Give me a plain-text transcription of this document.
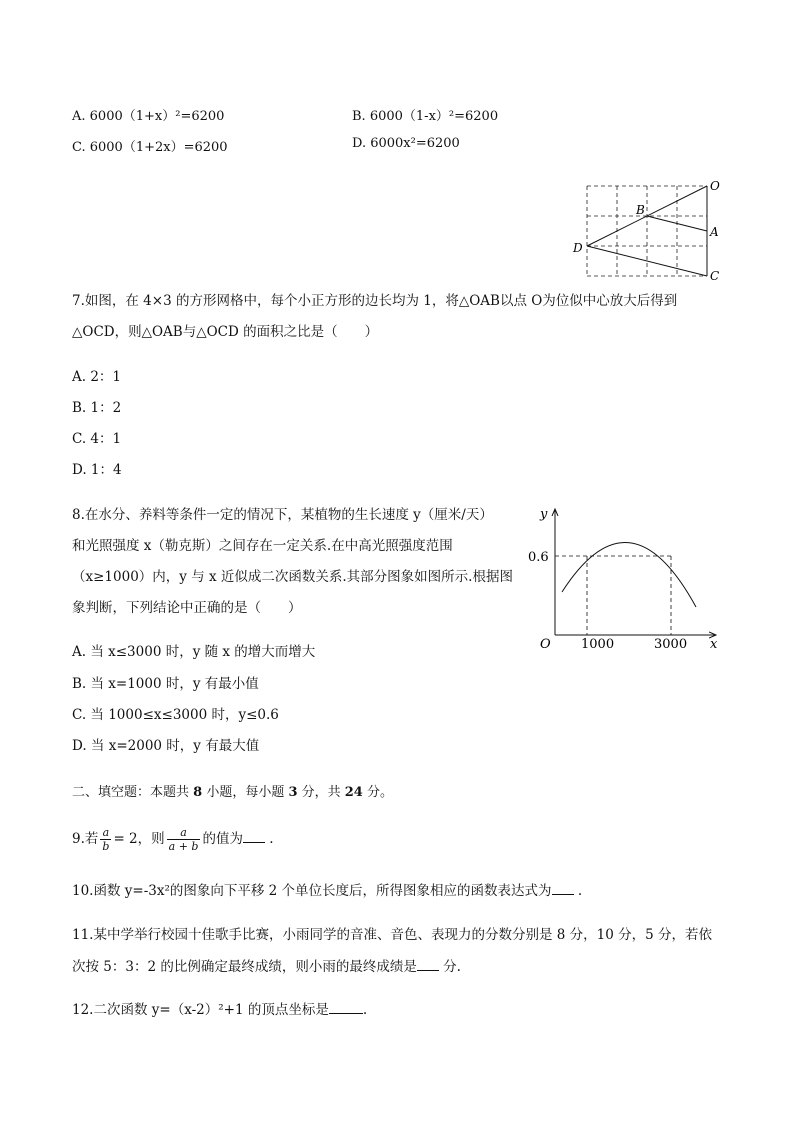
A. 6000（1+x）²=6200	B. 6000（1-x）²=6200
C. 6000（1+2x）=6200	D. 6000x²=6200
O
B
A
D
C
7.如图，在 4×3 的方形网格中，每个小正方形的边长均为 1，将△OAB以点 O为位似中心放大后得到
△OCD，则△OAB与△OCD 的面积之比是（　　）
A. 2：1
B. 1：2
C. 4：1
D. 1：4
8.在水分、养料等条件一定的情况下，某植物的生长速度 y（厘米/天）
和光照强度 x（勒克斯）之间存在一定关系.在中高光照强度范围
（x≥1000）内，y 与 x 近似成二次函数关系.其部分图象如图所示.根据图
象判断，下列结论中正确的是（　　）
A. 当 x≤3000 时，y 随 x 的增大而增大
B. 当 x=1000 时，y 有最小值
C. 当 1000≤x≤3000 时，y≤0.6
D. 当 x=2000 时，y 有最大值
y
x
O
0.6
1000	3000
二、填空题：本题共 8 小题，每小题 3 分，共 24 分。
9.若 $\frac{a}{b} = 2$，则 $\frac{a}{a + b}$ 的值为 .
10.函数 y=-3x²的图象向下平移 2 个单位长度后，所得图象相应的函数表达式为 .
11.某中学举行校园十佳歌手比赛，小雨同学的音准、音色、表现力的分数分别是 8 分，10 分，5 分，若依
次按 5：3：2 的比例确定最终成绩，则小雨的最终成绩是 分.
12.二次函数 y=（x-2）²+1 的顶点坐标是	.
